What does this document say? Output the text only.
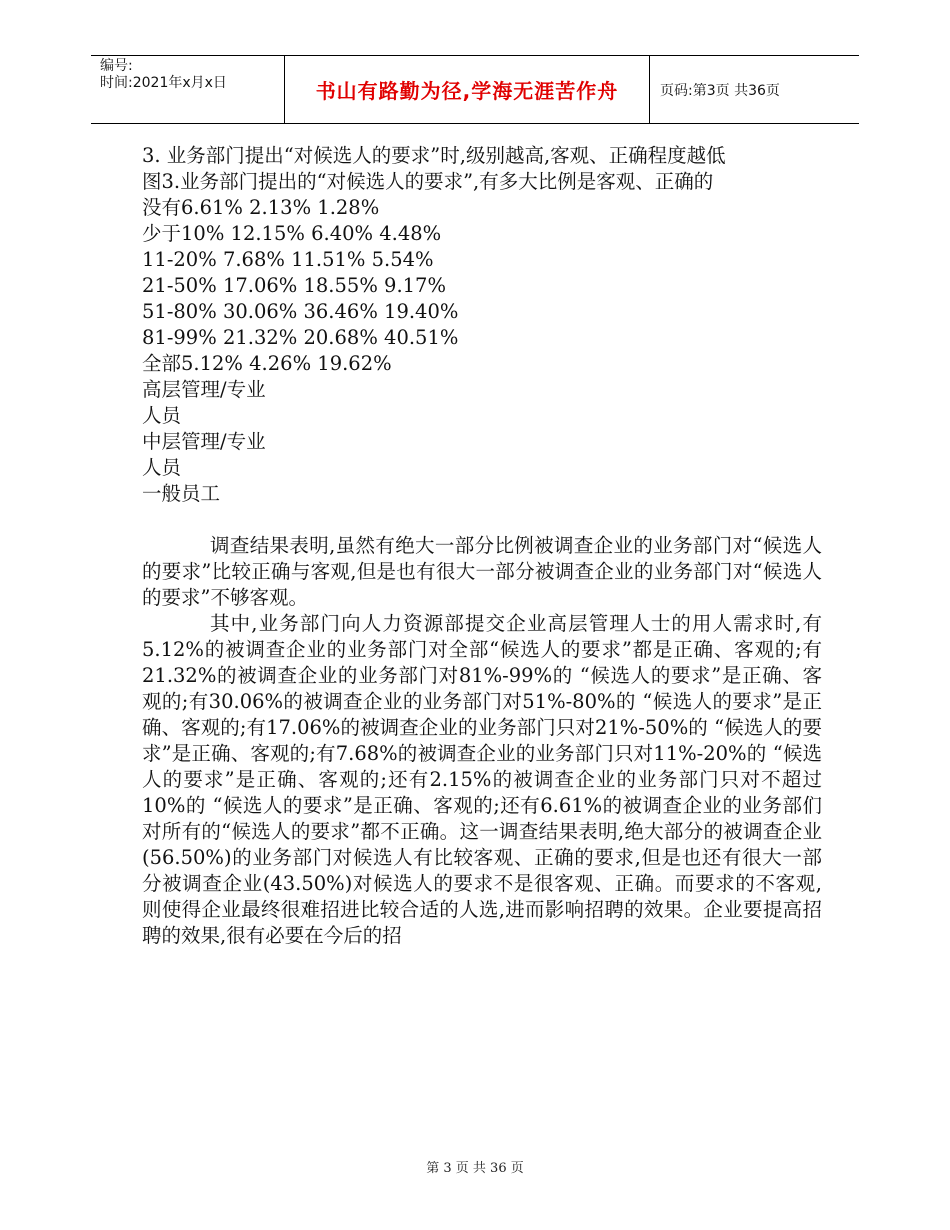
编号:
时间:2021年x月x日	书山有路勤为径,学海无涯苦作舟	页码:第3页 共36页
3. 业务部门提出“对候选人的要求”时,级别越高,客观、正确程度越低
图3.业务部门提出的“对候选人的要求”,有多大比例是客观、正确的
没有6.61% 2.13% 1.28%
少于10% 12.15% 6.40% 4.48%
11-20% 7.68% 11.51% 5.54%
21-50% 17.06% 18.55% 9.17%
51-80% 30.06% 36.46% 19.40%
81-99% 21.32% 20.68% 40.51%
全部5.12% 4.26% 19.62%
高层管理/专业
人员
中层管理/专业
人员
一般员工
调查结果表明,虽然有绝大一部分比例被调查企业的业务部门对“候选人的要求”比较正确与客观,但是也有很大一部分被调查企业的业务部门对“候选人的要求”不够客观。
其中,业务部门向人力资源部提交企业高层管理人士的用人需求时,有5.12%的被调查企业的业务部门对全部“候选人的要求”都是正确、客观的;有21.32%的被调查企业的业务部门对81%-99%的 “候选人的要求”是正确、客观的;有30.06%的被调查企业的业务部门对51%-80%的 “候选人的要求”是正确、客观的;有17.06%的被调查企业的业务部门只对21%-50%的 “候选人的要求”是正确、客观的;有7.68%的被调查企业的业务部门只对11%-20%的 “候选人的要求”是正确、客观的;还有2.15%的被调查企业的业务部门只对不超过10%的 “候选人的要求”是正确、客观的;还有6.61%的被调查企业的业务部们对所有的“候选人的要求”都不正确。这一调查结果表明,绝大部分的被调查企业(56.50%)的业务部门对候选人有比较客观、正确的要求,但是也还有很大一部分被调查企业(43.50%)对候选人的要求不是很客观、正确。而要求的不客观,则使得企业最终很难招进比较合适的人选,进而影响招聘的效果。企业要提高招聘的效果,很有必要在今后的招
第 3 页 共 36 页
